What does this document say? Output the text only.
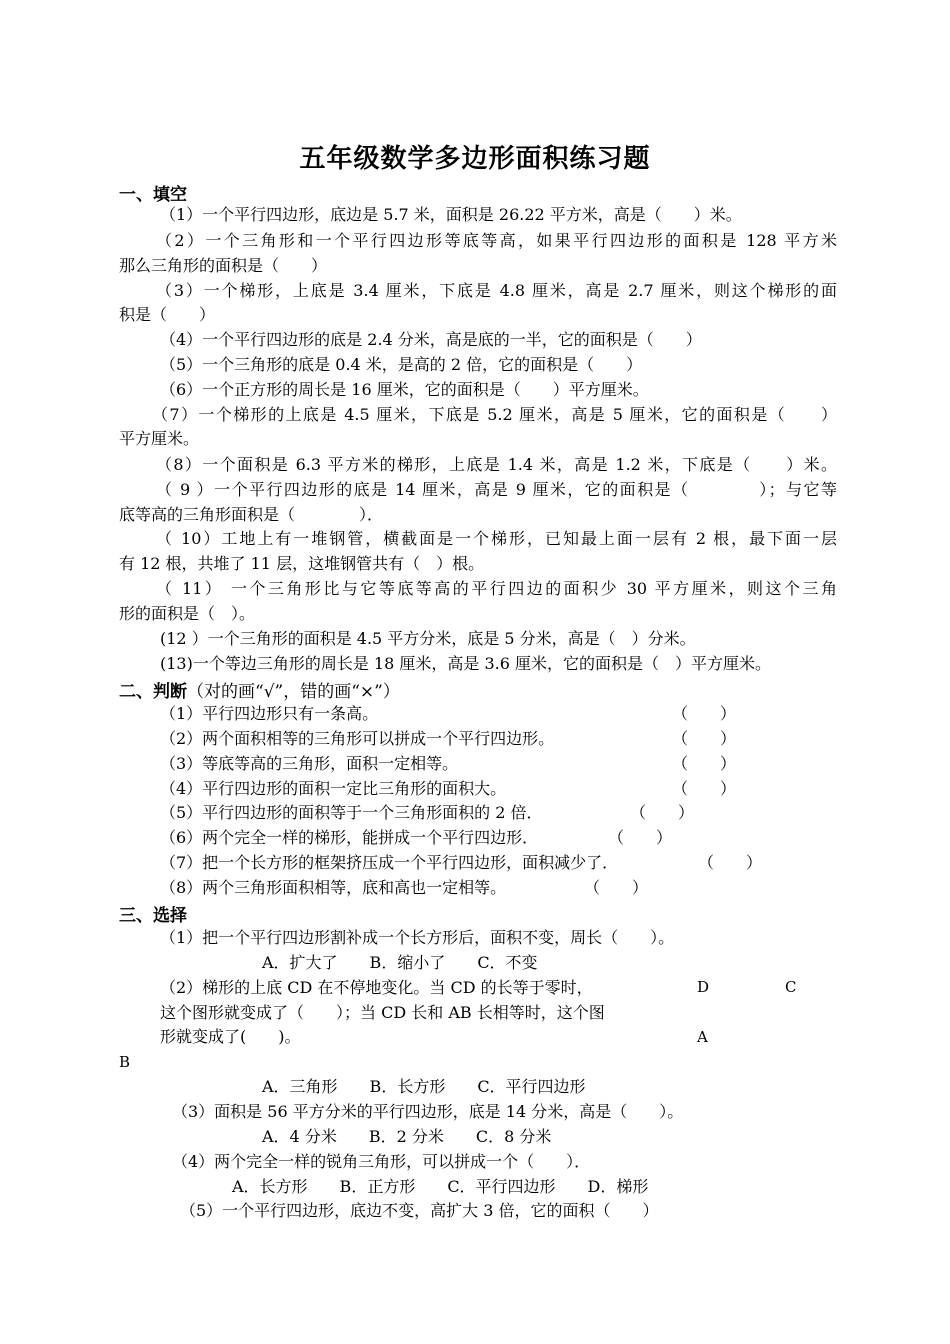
五年级数学多边形面积练习题
一、填空
（1）一个平行四边形，底边是 5.7 米，面积是 26.22 平方米，高是（　　）米。
（2）一个三角形和一个平行四边形等底等高，如果平行四边形的面积是 128 平方米
那么三角形的面积是（　　）
（3）一个梯形，上底是 3.4 厘米，下底是 4.8 厘米，高是 2.7 厘米，则这个梯形的面
积是（　　）
（4）一个平行四边形的底是 2.4 分米，高是底的一半，它的面积是（　　）
（5）一个三角形的底是 0.4 米，是高的 2 倍，它的面积是（　　）
（6）一个正方形的周长是 16 厘米，它的面积是（　　）平方厘米。
（7）一个梯形的上底是 4.5 厘米，下底是 5.2 厘米，高是 5 厘米，它的面积是（　　）
平方厘米。
（8）一个面积是 6.3 平方米的梯形，上底是 1.4 米，高是 1.2 米，下底是（　　）米。
（ 9 ）一个平行四边形的底是 14 厘米，高是 9 厘米，它的面积是（　　　　）；与它等
底等高的三角形面积是（　　　　）．
（ 10）工地上有一堆钢管，横截面是一个梯形，已知最上面一层有 2 根，最下面一层
有 12 根，共堆了 11 层，这堆钢管共有（　）根。
（ 11） 一个三角形比与它等底等高的平行四边的面积少 30 平方厘米，则这个三角
形的面积是（　）。
(12 ）一个三角形的面积是 4.5 平方分米，底是 5 分米，高是（　）分米。
(13)一个等边三角形的周长是 18 厘米，高是 3.6 厘米，它的面积是（　）平方厘米。
二、判断（对的画“√”，错的画“×”）
（1）平行四边形只有一条高。	（　　）
（2）两个面积相等的三角形可以拼成一个平行四边形。	（　　）
（3）等底等高的三角形，面积一定相等。	（　　）
（4）平行四边形的面积一定比三角形的面积大。	（　　）
（5）平行四边形的面积等于一个三角形面积的 2 倍．	（　　）
（6）两个完全一样的梯形，能拼成一个平行四边形．	（　　）
（7）把一个长方形的框架挤压成一个平行四边形，面积减少了．	（　　）
（8）两个三角形面积相等，底和高也一定相等。	（　　）
三、选择
（1）把一个平行四边形割补成一个长方形后，面积不变，周长（　　）。
A．扩大了　　B．缩小了　　C．不变
（2）梯形的上底 CD 在不停地变化。当 CD 的长等于零时，
这个图形就变成了（　　）；当 CD 长和 AB 长相等时，这个图
形就变成了(　　)。
D	C
A
B
A．三角形　　B．长方形　　C．平行四边形
（3）面积是 56 平方分米的平行四边形，底是 14 分米，高是（　　）。
A．4 分米　　B．2 分米　　C．8 分米
（4）两个完全一样的锐角三角形，可以拼成一个（　　）．
A．长方形　　B．正方形　　C．平行四边形　　D．梯形
（5）一个平行四边形，底边不变，高扩大 3 倍，它的面积（　　）
